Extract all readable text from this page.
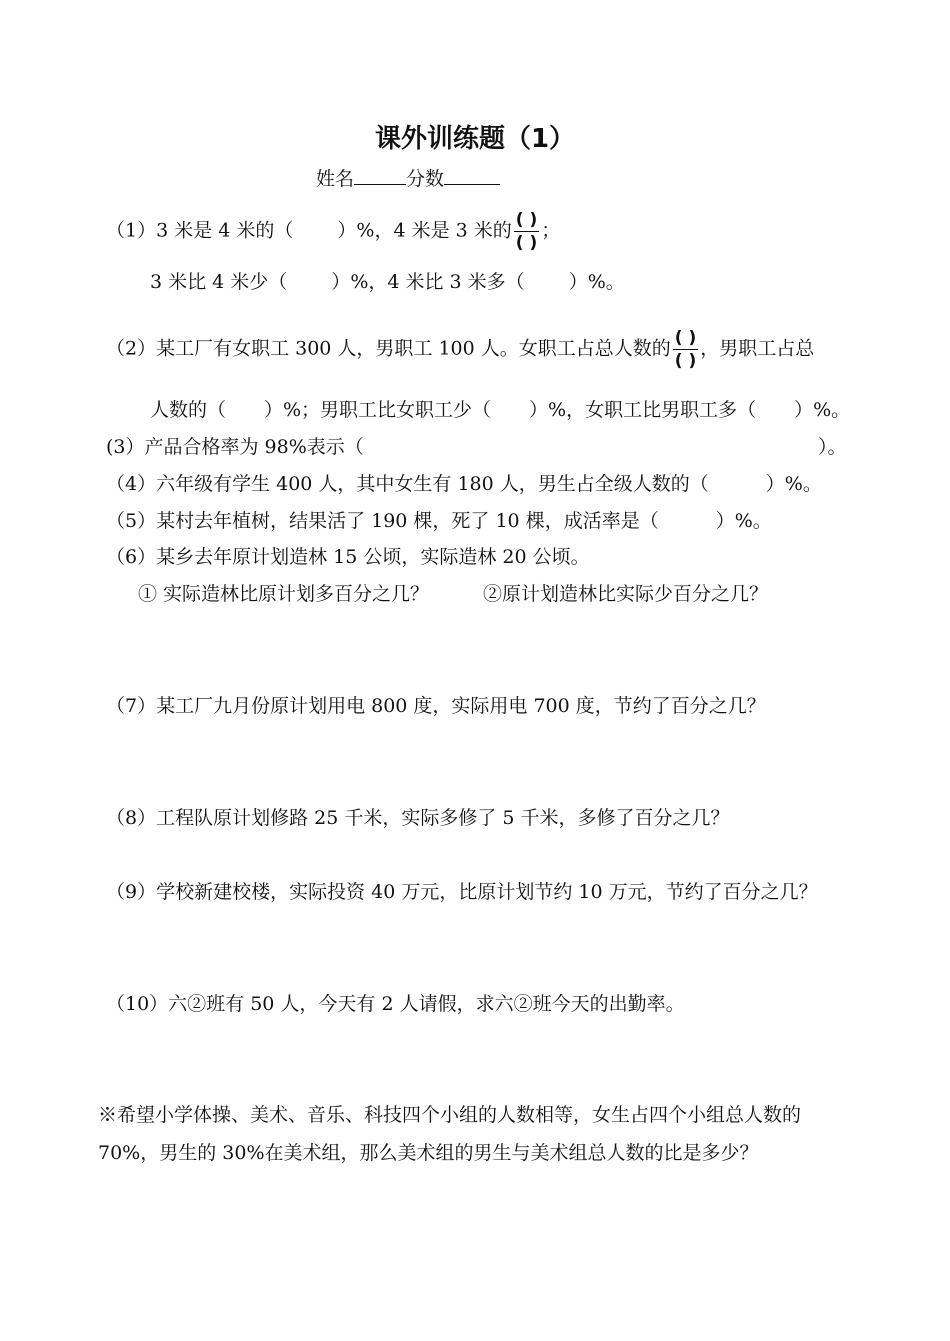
课外训练题（1）
姓名	分数
（1）3 米是 4 米的（　　 ）%，4 米是 3 米的 $\frac{( )}{( )}$ ；
3 米比 4 米少（　　 ）%，4 米比 3 米多（　　 ）%。
（2）某工厂有女职工 300 人，男职工 100 人。女职工占总人数的 $\frac{( )}{( )}$ ，男职工占总
人数的（　　）%；男职工比女职工少（　　）%，女职工比男职工多（　　）%。
(3）产品合格率为 98%表示（	）。
（4）六年级有学生 400 人，其中女生有 180 人，男生占全级人数的（　　　）%。
（5）某村去年植树，结果活了 190 棵，死了 10 棵，成活率是（　　　）%。
（6）某乡去年原计划造林 15 公顷，实际造林 20 公顷。
① 实际造林比原计划多百分之几？	②原计划造林比实际少百分之几？
（7）某工厂九月份原计划用电 800 度，实际用电 700 度，节约了百分之几？
（8）工程队原计划修路 25 千米，实际多修了 5 千米，多修了百分之几？
（9）学校新建校楼，实际投资 40 万元，比原计划节约 10 万元，节约了百分之几？
（10）六②班有 50 人，今天有 2 人请假，求六②班今天的出勤率。
※希望小学体操、美术、音乐、科技四个小组的人数相等，女生占四个小组总人数的
70%，男生的 30%在美术组，那么美术组的男生与美术组总人数的比是多少？
